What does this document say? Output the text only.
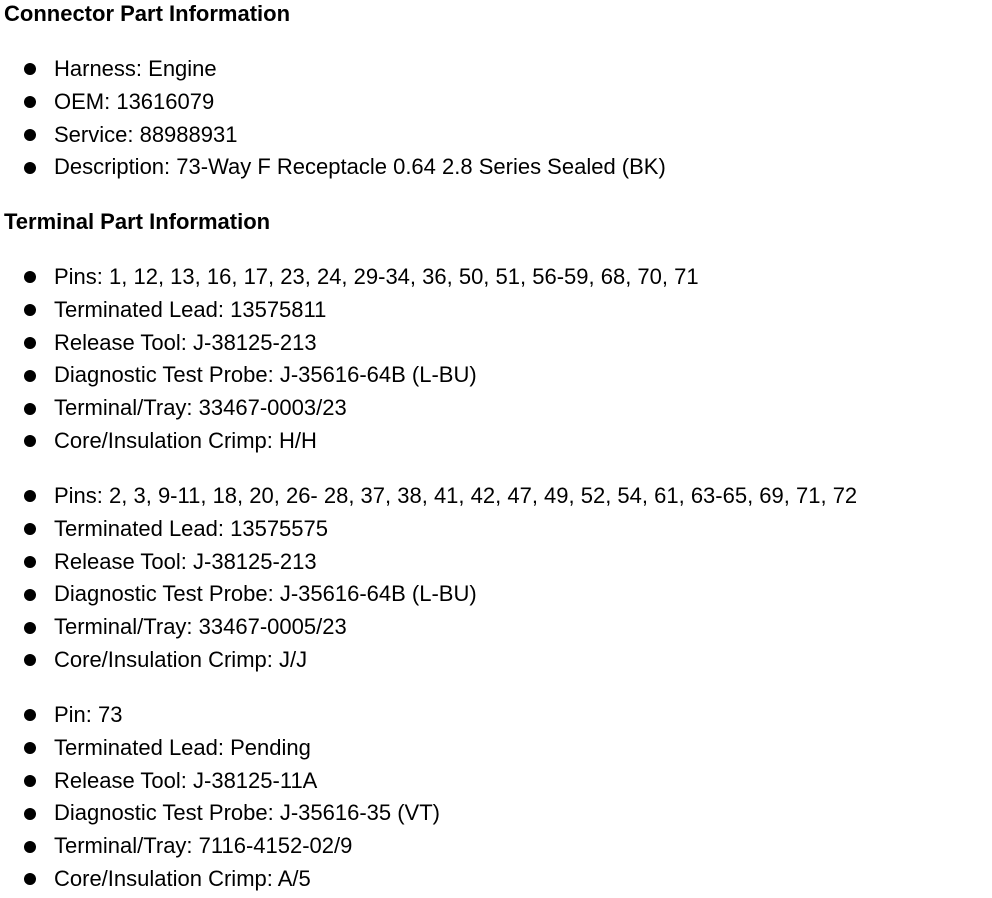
Connector Part Information
Harness: Engine
OEM: 13616079
Service: 88988931
Description: 73-Way F Receptacle 0.64 2.8 Series Sealed (BK)
Terminal Part Information
Pins: 1, 12, 13, 16, 17, 23, 24, 29-34, 36, 50, 51, 56-59, 68, 70, 71
Terminated Lead: 13575811
Release Tool: J-38125-213
Diagnostic Test Probe: J-35616-64B (L-BU)
Terminal/Tray: 33467-0003/23
Core/Insulation Crimp: H/H
Pins: 2, 3, 9-11, 18, 20, 26- 28, 37, 38, 41, 42, 47, 49, 52, 54, 61, 63-65, 69, 71, 72
Terminated Lead: 13575575
Release Tool: J-38125-213
Diagnostic Test Probe: J-35616-64B (L-BU)
Terminal/Tray: 33467-0005/23
Core/Insulation Crimp: J/J
Pin: 73
Terminated Lead: Pending
Release Tool: J-38125-11A
Diagnostic Test Probe: J-35616-35 (VT)
Terminal/Tray: 7116-4152-02/9
Core/Insulation Crimp: A/5
